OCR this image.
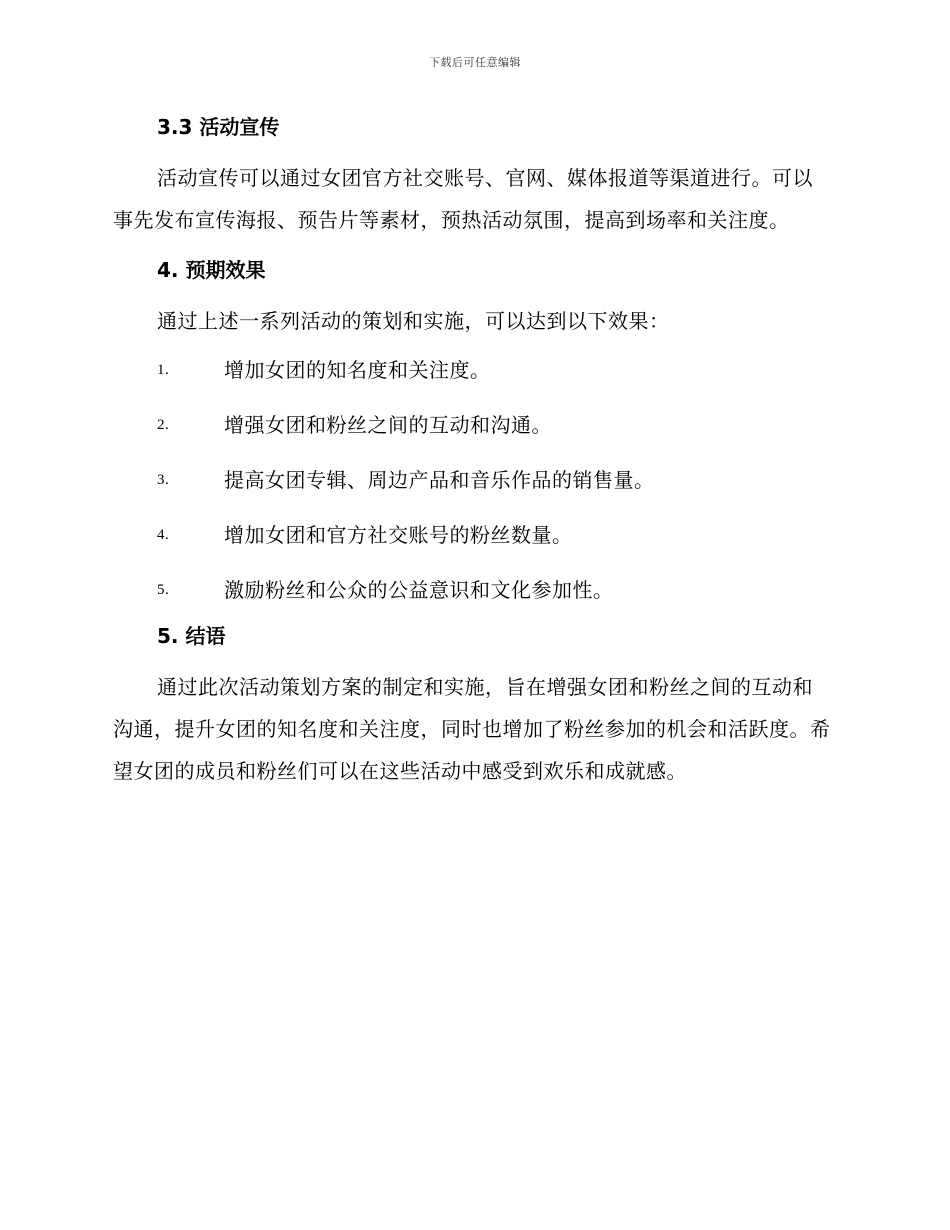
下载后可任意编辑
3.3 活动宣传

活动宣传可以通过女团官方社交账号、官网、媒体报道等渠道进行。可以事先发布宣传海报、预告片等素材，预热活动氛围，提高到场率和关注度。

4. 预期效果

通过上述一系列活动的策划和实施，可以达到以下效果：

1.	增加女团的知名度和关注度。
2.	增强女团和粉丝之间的互动和沟通。
3.	提高女团专辑、周边产品和音乐作品的销售量。
4.	增加女团和官方社交账号的粉丝数量。
5.	激励粉丝和公众的公益意识和文化参加性。
5. 结语

通过此次活动策划方案的制定和实施，旨在增强女团和粉丝之间的互动和沟通，提升女团的知名度和关注度，同时也增加了粉丝参加的机会和活跃度。希望女团的成员和粉丝们可以在这些活动中感受到欢乐和成就感。
